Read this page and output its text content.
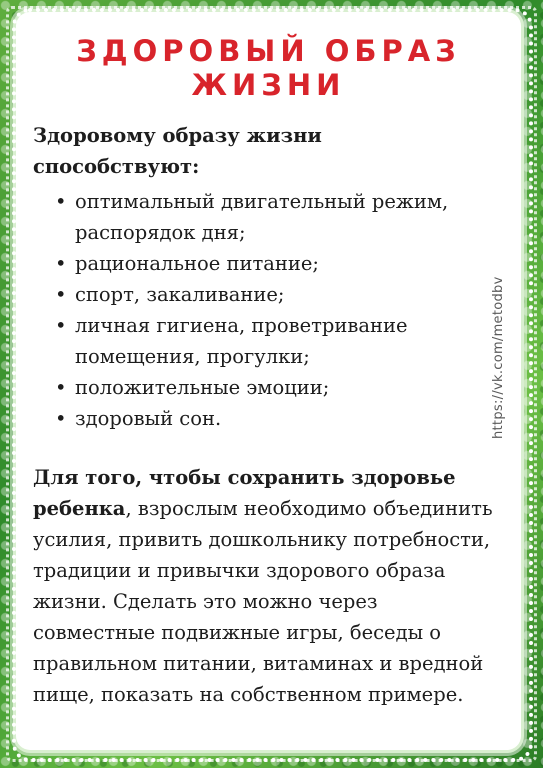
ЗДОРОВЫЙ ОБРАЗ
ЖИЗНИ

Здоровому образу жизни
способствуют:

• оптимальный двигательный режим, распорядок дня;
• рациональное питание;
• спорт, закаливание;
• личная гигиена, проветривание помещения, прогулки;
• положительные эмоции;
• здоровый сон.

Для того, чтобы сохранить здоровье ребенка, взрослым необходимо объединить усилия, привить дошкольнику потребности, традиции и привычки здорового образа жизни. Сделать это можно через совместные подвижные игры, беседы о правильном питании, витаминах и вредной пище, показать на собственном примере.

https://vk.com/metodbv
